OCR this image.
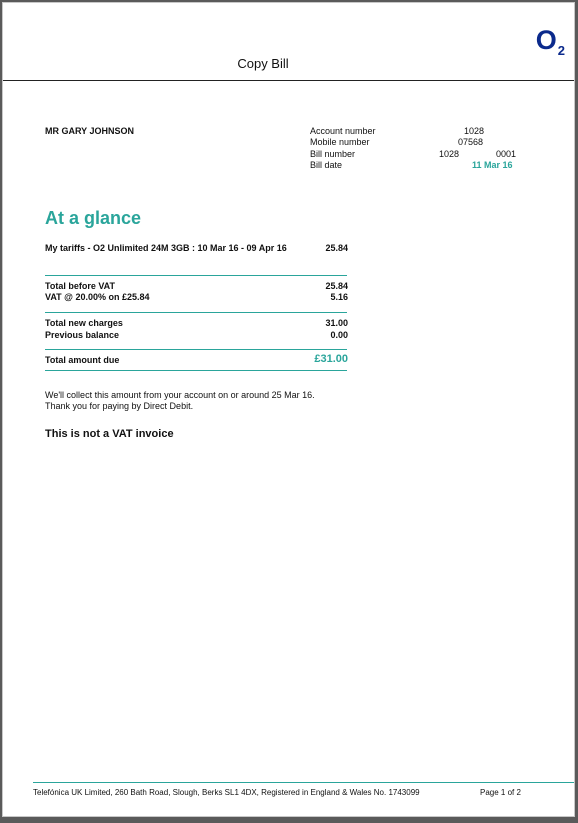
Copy Bill
$O_2$
MR GARY JOHNSON	Account number	1028
Mobile number	07568
Bill number	1028	0001
Bill date	11 Mar 16
At a glance
My tariffs - O2 Unlimited 24M 3GB : 10 Mar 16 - 09 Apr 16	25.84
Total before VAT	25.84
VAT @ 20.00% on £25.84	5.16
Total new charges	31.00
Previous balance	0.00
Total amount due	£31.00
We'll collect this amount from your account on or around 25 Mar 16.
Thank you for paying by Direct Debit.
This is not a VAT invoice
Telefónica UK Limited, 260 Bath Road, Slough, Berks SL1 4DX, Registered in England & Wales No. 1743099	Page 1 of 2
